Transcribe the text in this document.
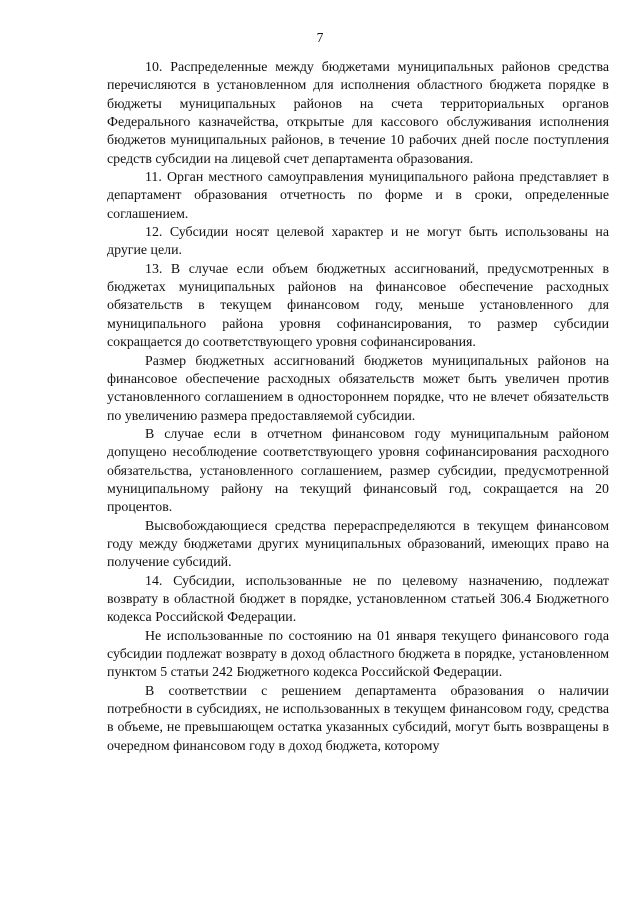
7

10. Распределенные между бюджетами муниципальных районов средства перечисляются в установленном для исполнения областного бюджета порядке в бюджеты муниципальных районов на счета территориальных органов Федерального казначейства, открытые для кассового обслуживания исполнения бюджетов муниципальных районов, в течение 10 рабочих дней после поступления средств субсидии на лицевой счет департамента образования.

11. Орган местного самоуправления муниципального района представляет в департамент образования отчетность по форме и в сроки, определенные соглашением.

12. Субсидии носят целевой характер и не могут быть использованы на другие цели.

13. В случае если объем бюджетных ассигнований, предусмотренных в бюджетах муниципальных районов на финансовое обеспечение расходных обязательств в текущем финансовом году, меньше установленного для муниципального района уровня софинансирования, то размер субсидии сокращается до соответствующего уровня софинансирования.

Размер бюджетных ассигнований бюджетов муниципальных районов на финансовое обеспечение расходных обязательств может быть увеличен против установленного соглашением в одностороннем порядке, что не влечет обязательств по увеличению размера предоставляемой субсидии.

В случае если в отчетном финансовом году муниципальным районом допущено несоблюдение соответствующего уровня софинансирования расходного обязательства, установленного соглашением, размер субсидии, предусмотренной муниципальному району на текущий финансовый год, сокращается на 20 процентов.

Высвобождающиеся средства перераспределяются в текущем финансовом году между бюджетами других муниципальных образований, имеющих право на получение субсидий.

14. Субсидии, использованные не по целевому назначению, подлежат возврату в областной бюджет в порядке, установленном статьей 306.4 Бюджетного кодекса Российской Федерации.

Не использованные по состоянию на 01 января текущего финансового года субсидии подлежат возврату в доход областного бюджета в порядке, установленном пунктом 5 статьи 242 Бюджетного кодекса Российской Федерации.

В соответствии с решением департамента образования о наличии потребности в субсидиях, не использованных в текущем финансовом году, средства в объеме, не превышающем остатка указанных субсидий, могут быть возвращены в очередном финансовом году в доход бюджета, которому
